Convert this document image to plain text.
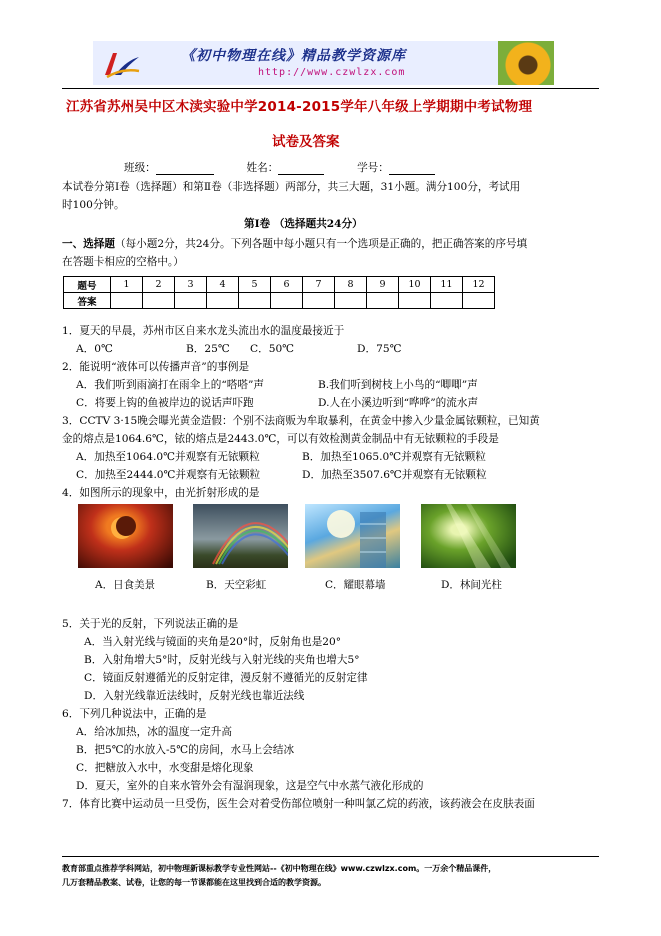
《初中物理在线》精品教学资源库
http://www.czwlzx.com
江苏省苏州吴中区木渎实验中学2014-2015学年八年级上学期期中考试物理
试卷及答案
班级：	姓名：	学号：
本试卷分第Ⅰ卷（选择题）和第Ⅱ卷（非选择题）两部分，共三大题，31小题。满分100分，考试用
时100分钟。
第Ⅰ卷 （选择题共24分）
一、选择题（每小题2分，共24分。下列各题中每小题只有一个选项是正确的，把正确答案的序号填
在答题卡相应的空格中。）
题号	1	2	3	4	5	6	7	8	9	10	11	12
答案												
1．夏天的早晨，苏州市区自来水龙头流出水的温度最接近于
A．0℃	B．25℃ C．50℃	D．75℃
2．能说明“液体可以传播声音”的事例是
A．我们听到雨滴打在雨伞上的“嗒嗒”声	B.我们听到树枝上小鸟的“唧唧”声
C．将要上钩的鱼被岸边的说话声吓跑	D.人在小溪边听到“哗哗”的流水声
3．CCTV 3·15晚会曝光黄金造假：个别不法商贩为牟取暴利，在黄金中掺入少量金属铱颗粒，已知黄
金的熔点是1064.6℃，铱的熔点是2443.0℃，可以有效检测黄金制品中有无铱颗粒的手段是
A．加热至1064.0℃并观察有无铱颗粒	B．加热至1065.0℃并观察有无铱颗粒
C．加热至2444.0℃并观察有无铱颗粒	D．加热至3507.6℃并观察有无铱颗粒
4．如图所示的现象中，由光折射形成的是
A．日食美景	B．天空彩虹	C．耀眼幕墙	D．林间光柱
5．关于光的反射，下列说法正确的是
A．当入射光线与镜面的夹角是20°时，反射角也是20°
B．入射角增大5°时，反射光线与入射光线的夹角也增大5°
C．镜面反射遵循光的反射定律，漫反射不遵循光的反射定律
D．入射光线靠近法线时，反射光线也靠近法线
6．下列几种说法中，正确的是
A．给冰加热，冰的温度一定升高
B．把5℃的水放入-5℃的房间，水马上会结冰
C．把糖放入水中，水变甜是熔化现象
D．夏天，室外的自来水管外会有湿润现象，这是空气中水蒸气液化形成的
7．体育比赛中运动员一旦受伤，医生会对着受伤部位喷射一种叫氯乙烷的药液，该药液会在皮肤表面
教育部重点推荐学科网站，初中物理新课标教学专业性网站--《初中物理在线》www.czwlzx.com。一万余个精品课件，
几万套精品教案、试卷，让您的每一节课都能在这里找到合适的教学资源。
